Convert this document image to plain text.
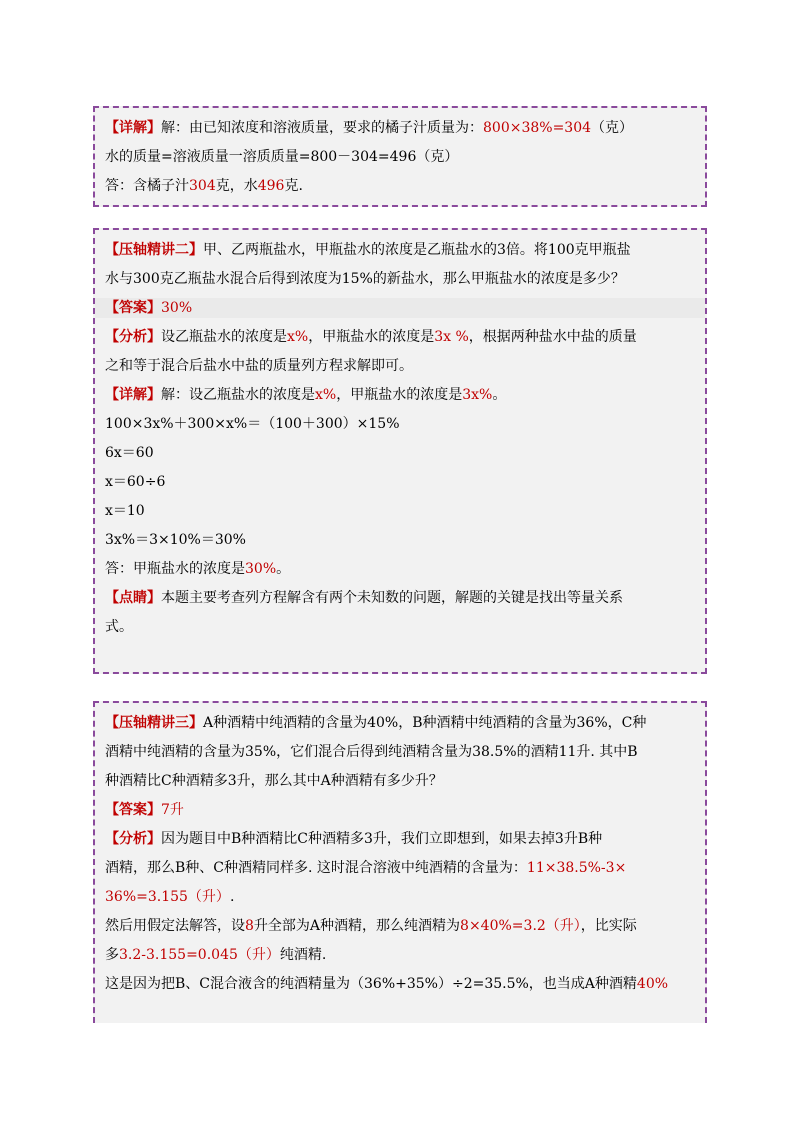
【详解】解：由已知浓度和溶液质量，要求的橘子汁质量为：800×38%=304（克）
水的质量=溶液质量一溶质质量=800－304=496（克）
答：含橘子汁304克，水496克.
【压轴精讲二】甲、乙两瓶盐水，甲瓶盐水的浓度是乙瓶盐水的3倍。将100克甲瓶盐
水与300克乙瓶盐水混合后得到浓度为15%的新盐水，那么甲瓶盐水的浓度是多少？
【答案】30%
【分析】设乙瓶盐水的浓度是x%，甲瓶盐水的浓度是3x %，根据两种盐水中盐的质量
之和等于混合后盐水中盐的质量列方程求解即可。
【详解】解：设乙瓶盐水的浓度是x%，甲瓶盐水的浓度是3x%。
100×3x%＋300×x%＝（100＋300）×15%
6x＝60
x＝60÷6
x＝10
3x%＝3×10%＝30%
答：甲瓶盐水的浓度是30%。
【点睛】本题主要考查列方程解含有两个未知数的问题，解题的关键是找出等量关系
式。
【压轴精讲三】A种酒精中纯酒精的含量为40%，B种酒精中纯酒精的含量为36%，C种
酒精中纯酒精的含量为35%，它们混合后得到纯酒精含量为38.5%的酒精11升. 其中B
种酒精比C种酒精多3升，那么其中A种酒精有多少升？
【答案】7升
【分析】因为题目中B种酒精比C种酒精多3升，我们立即想到，如果去掉3升B种
酒精，那么B种、C种酒精同样多. 这时混合溶液中纯酒精的含量为：11×38.5%-3×
36%=3.155（升）.
然后用假定法解答，设8升全部为A种酒精，那么纯酒精为8×40%=3.2（升），比实际
多3.2-3.155=0.045（升）纯酒精.
这是因为把B、C混合液含的纯酒精量为（36%+35%）÷2=35.5%，也当成A种酒精40%
